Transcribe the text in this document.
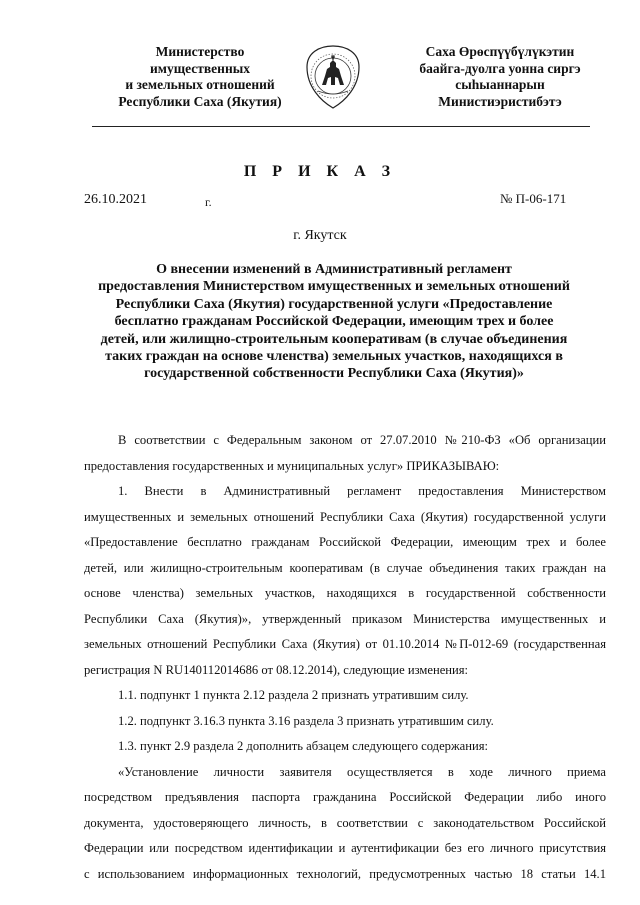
Министерство
имущественных
и земельных отношений
Республики Саха (Якутия)
Саха Өрөспүүбүлүкэтин
баайга-дуолга уонна сиргэ
сыhыаннарын
Министиэристибэтэ
П Р И К А З
26.10.2021	г.	№ П-06-171
г. Якутск
О внесении изменений в Административный регламент
предоставления Министерством имущественных и земельных отношений
Республики Саха (Якутия) государственной услуги «Предоставление
бесплатно гражданам Российской Федерации, имеющим трех и более
детей, или жилищно-строительным кооперативам (в случае объединения
таких граждан на основе членства) земельных участков, находящихся в
государственной собственности Республики Саха (Якутия)»
В соответствии с Федеральным законом от 27.07.2010 №210-ФЗ «Об организации
предоставления государственных и муниципальных услуг» ПРИКАЗЫВАЮ:
1. Внести в Административный регламент предоставления Министерством
имущественных и земельных отношений Республики Саха (Якутия) государственной услуги
«Предоставление бесплатно гражданам Российской Федерации, имеющим трех и более
детей, или жилищно-строительным кооперативам (в случае объединения таких граждан на
основе членства) земельных участков, находящихся в государственной собственности
Республики Саха (Якутия)», утвержденный приказом Министерства имущественных и
земельных отношений Республики Саха (Якутия) от 01.10.2014 №П-012-69 (государственная
регистрация N RU140112014686 от 08.12.2014), следующие изменения:
1.1. подпункт 1 пункта 2.12 раздела 2 признать утратившим силу.
1.2. подпункт 3.16.3 пункта 3.16 раздела 3 признать утратившим силу.
1.3. пункт 2.9 раздела 2 дополнить абзацем следующего содержания:
«Установление личности заявителя осуществляется в ходе личного приема
посредством предъявления паспорта гражданина Российской Федерации либо иного
документа, удостоверяющего личность, в соответствии с законодательством Российской
Федерации или посредством идентификации и аутентификации без его личного присутствия
с использованием информационных технологий, предусмотренных частью 18 статьи 14.1
